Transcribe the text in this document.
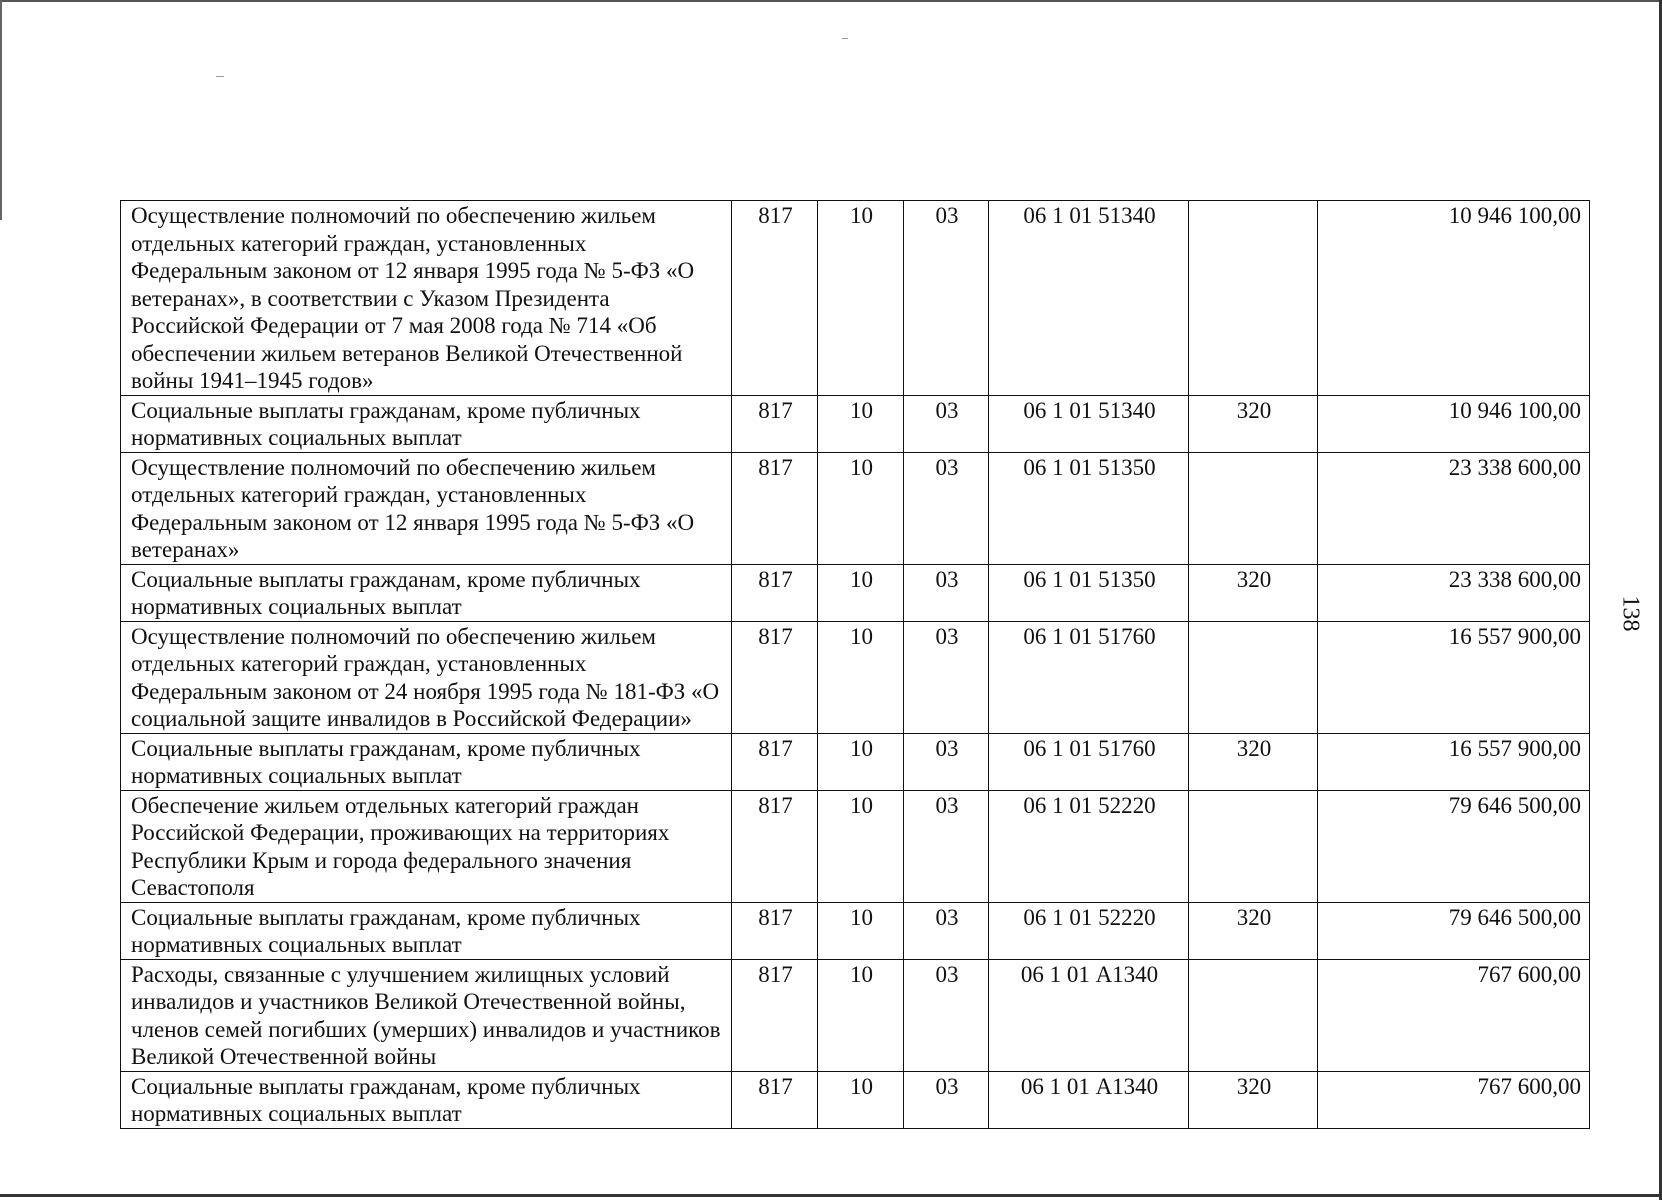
Осуществление полномочий по обеспечению жильем отдельных категорий граждан, установленных Федеральным законом от 12 января 1995 года № 5-ФЗ «О ветеранах», в соответствии с Указом Президента Российской Федерации от 7 мая 2008 года № 714 «Об обеспечении жильем ветеранов Великой Отечественной войны 1941–1945 годов»	817	10	03	06 1 01 51340		10 946 100,00
Социальные выплаты гражданам, кроме публичных нормативных социальных выплат	817	10	03	06 1 01 51340	320	10 946 100,00
Осуществление полномочий по обеспечению жильем отдельных категорий граждан, установленных Федеральным законом от 12 января 1995 года № 5-ФЗ «О ветеранах»	817	10	03	06 1 01 51350		23 338 600,00
Социальные выплаты гражданам, кроме публичных нормативных социальных выплат	817	10	03	06 1 01 51350	320	23 338 600,00
Осуществление полномочий по обеспечению жильем отдельных категорий граждан, установленных Федеральным законом от 24 ноября 1995 года № 181-ФЗ «О социальной защите инвалидов в Российской Федерации»	817	10	03	06 1 01 51760		16 557 900,00
Социальные выплаты гражданам, кроме публичных нормативных социальных выплат	817	10	03	06 1 01 51760	320	16 557 900,00
Обеспечение жильем отдельных категорий граждан Российской Федерации, проживающих на территориях Республики Крым и города федерального значения Севастополя	817	10	03	06 1 01 52220		79 646 500,00
Социальные выплаты гражданам, кроме публичных нормативных социальных выплат	817	10	03	06 1 01 52220	320	79 646 500,00
Расходы, связанные с улучшением жилищных условий инвалидов и участников Великой Отечественной войны, членов семей погибших (умерших) инвалидов и участников Великой Отечественной войны	817	10	03	06 1 01 А1340		767 600,00
Социальные выплаты гражданам, кроме публичных нормативных социальных выплат	817	10	03	06 1 01 А1340	320	767 600,00
138
